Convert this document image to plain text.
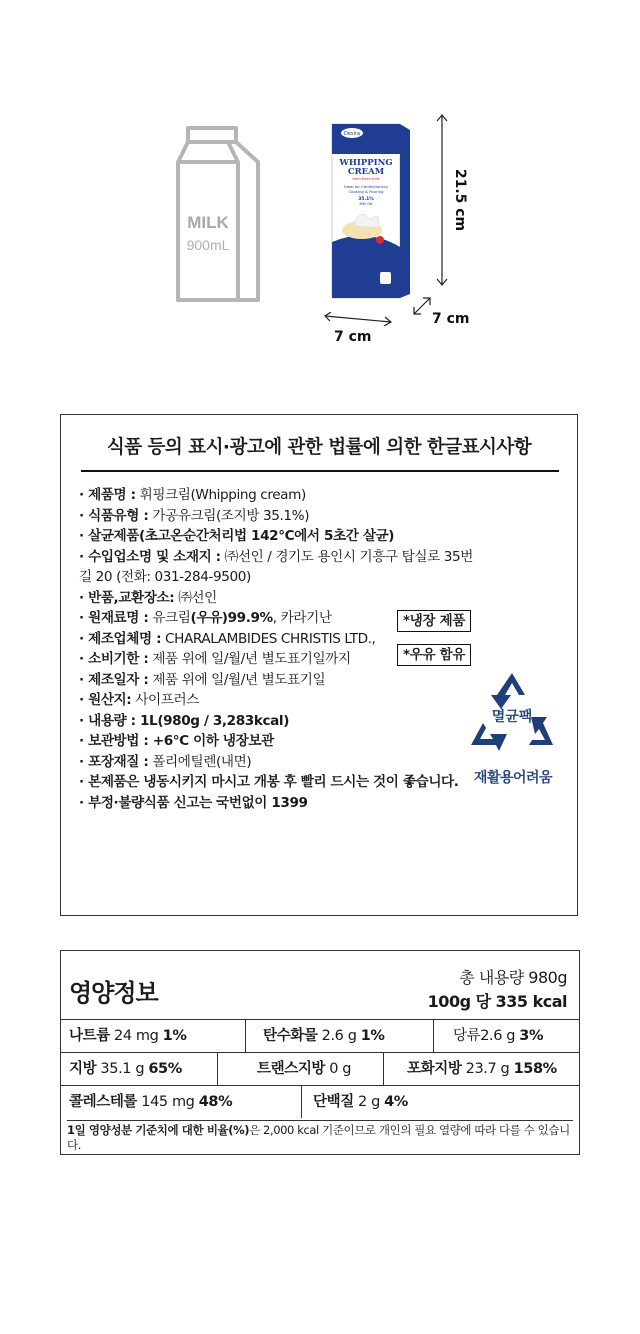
MILK
900mL
Desira
WHIPPING
CREAM
from fresh milk
Ideal for Confectionery
Cooking & Pouring
35.1%
Milk Fat	21.5 cm
7 cm
7 cm
식품 등의 표시·광고에 관한 법률에 의한 한글표시사항
· 제품명 : 휘핑크림(Whipping cream)
· 식품유형 : 가공유크림(조지방 35.1%)
· 살균제품(초고온순간처리법 142°C에서 5초간 살균)
· 수입업소명 및 소재지 : ㈜선인 / 경기도 용인시 기흥구 탑실로 35번
길 20 (전화: 031-284-9500)
· 반품,교환장소: ㈜선인
· 원재료명 : 유크림(우유)99.9%, 카라기난
· 제조업체명 : CHARALAMBIDES CHRISTIS LTD.,
· 소비기한 : 제품 위에 일/월/년 별도표기일까지
· 제조일자 : 제품 위에 일/월/년 별도표기일
· 원산지: 사이프러스
· 내용량 : 1L(980g / 3,283kcal)
· 보관방법 : +6°C 이하 냉장보관
· 포장재질 : 폴리에틸렌(내면)
· 본제품은 냉동시키지 마시고 개봉 후 빨리 드시는 것이 좋습니다.
· 부정·불량식품 신고는 국번없이 1399
*냉장 제품
*우유 함유
멸균팩
재활용어려움
영양정보
총 내용량 980g
100g 당 335 kcal
나트륨 24 mg 1%	탄수화물 2.6 g 1%	당류2.6 g 3%
지방 35.1 g 65%	트랜스지방 0 g	포화지방 23.7 g 158%
콜레스테롤 145 mg 48%	단백질 2 g 4%
1일 영양성분 기준치에 대한 비율(%)은 2,000 kcal 기준이므로 개인의 필요 열량에 따라 다를 수 있습니다.
